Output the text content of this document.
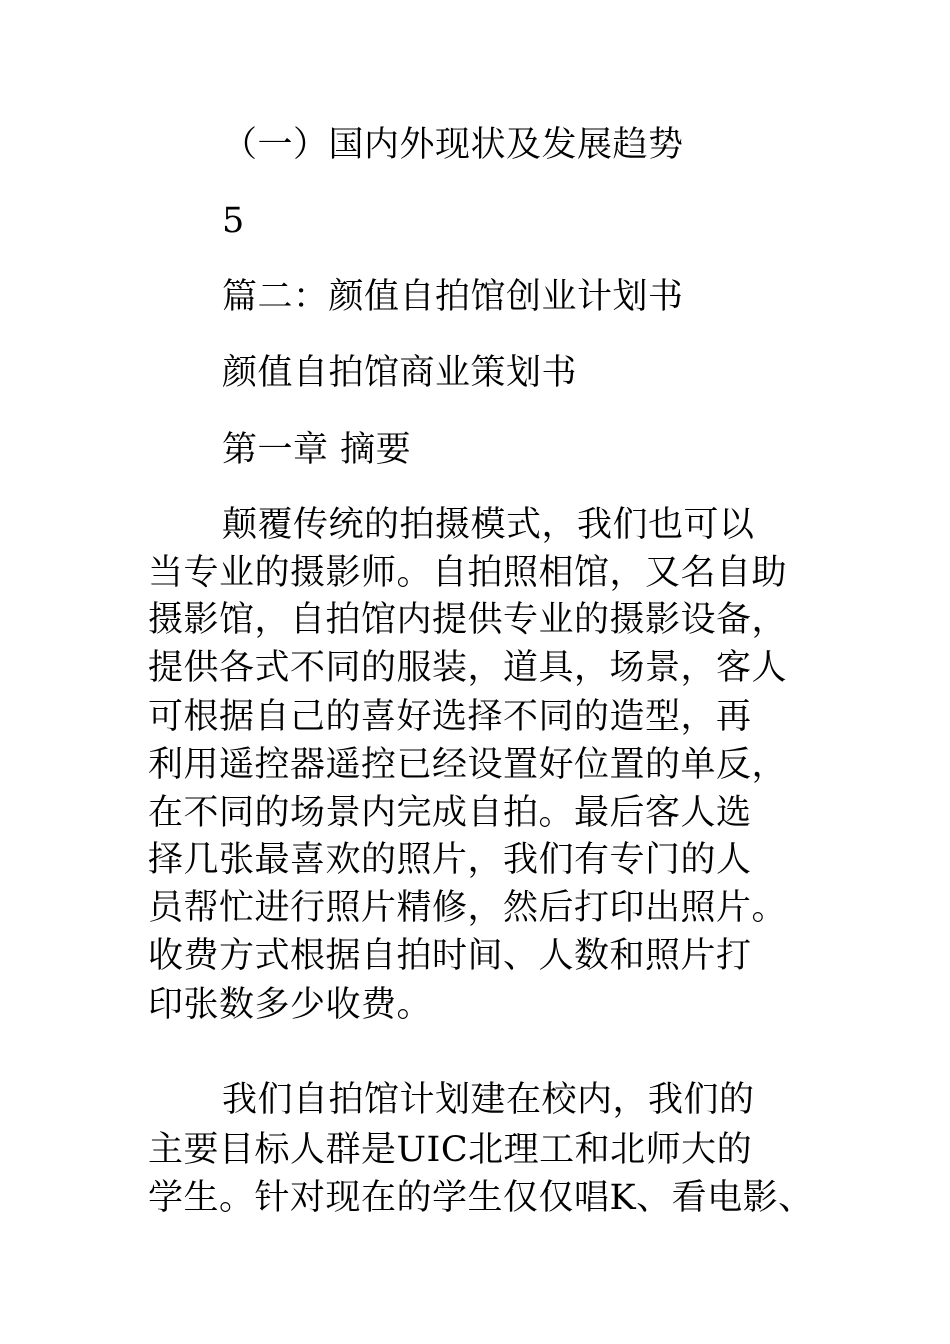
（一）国内外现状及发展趋势
5
篇二：颜值自拍馆创业计划书
颜值自拍馆商业策划书
第一章 摘要
颠覆传统的拍摄模式，我们也可以
当专业的摄影师。自拍照相馆，又名自助
摄影馆，自拍馆内提供专业的摄影设备，
提供各式不同的服装，道具，场景，客人
可根据自己的喜好选择不同的造型，再
利用遥控器遥控已经设置好位置的单反，
在不同的场景内完成自拍。最后客人选
择几张最喜欢的照片，我们有专门的人
员帮忙进行照片精修，然后打印出照片。
收费方式根据自拍时间、人数和照片打
印张数多少收费。
我们自拍馆计划建在校内，我们的
主要目标人群是UIC北理工和北师大的
学生。针对现在的学生仅仅唱K、看电影、
